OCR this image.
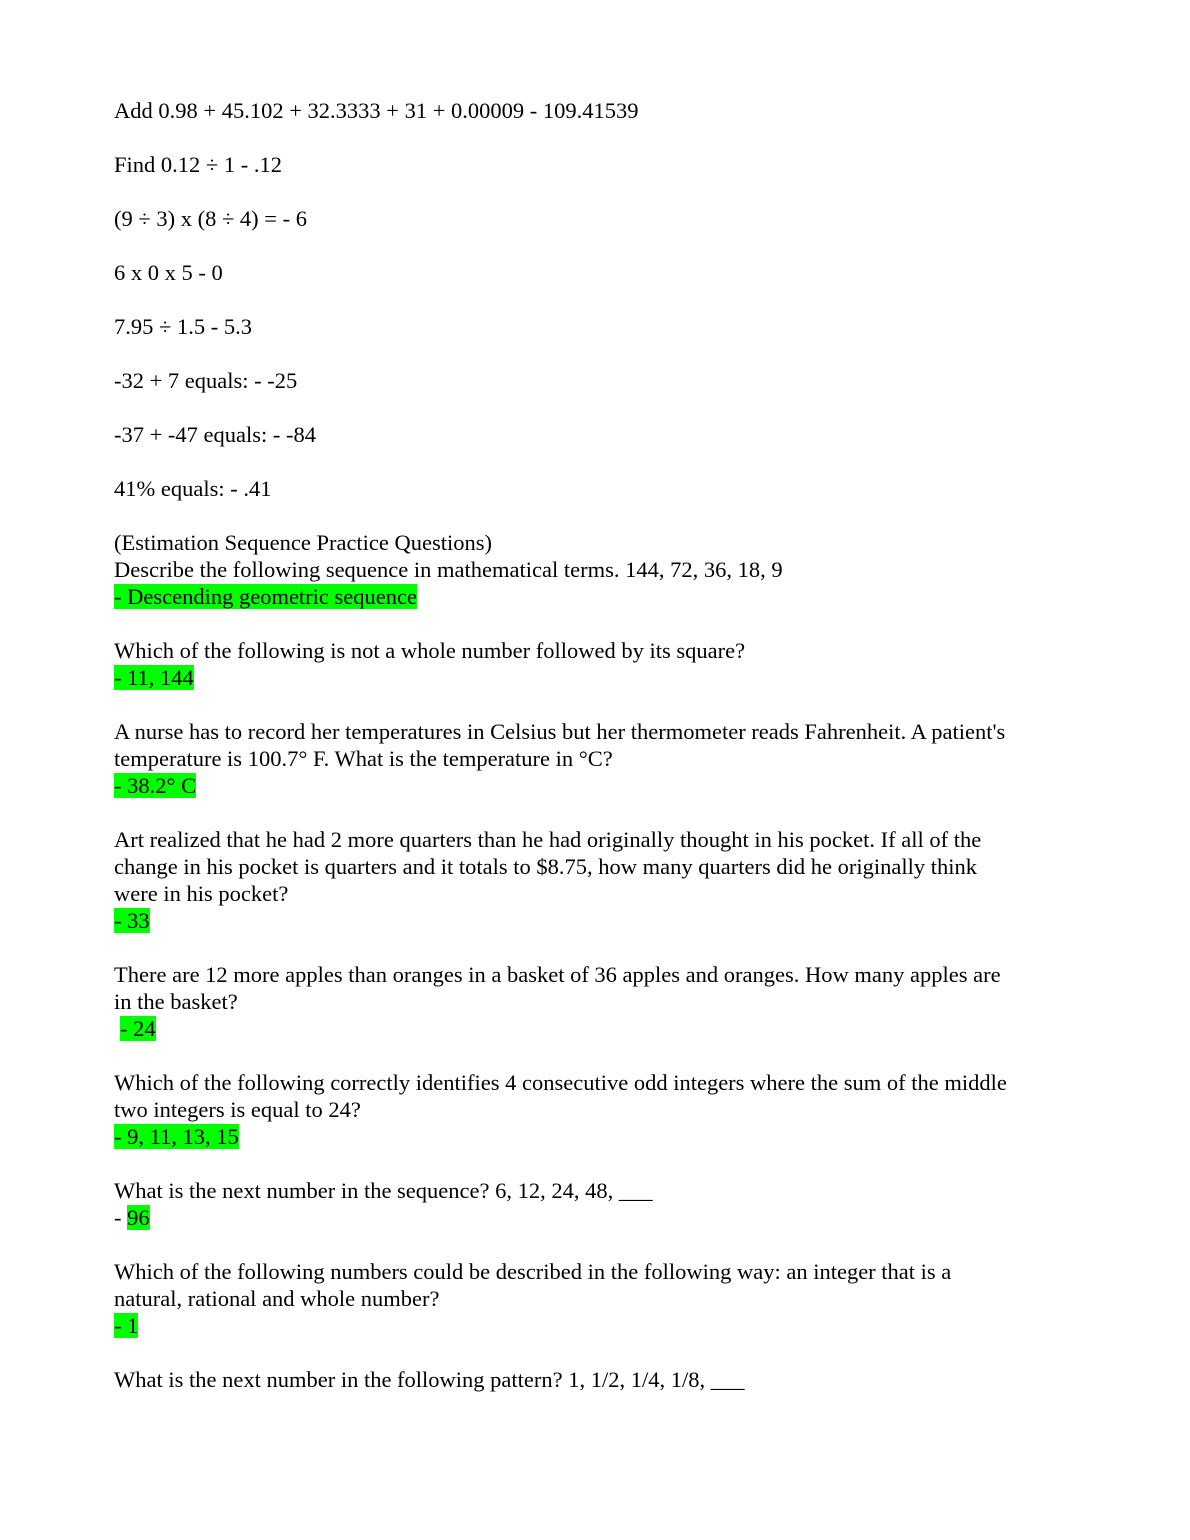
Add 0.98 + 45.102 + 32.3333 + 31 + 0.00009 - 109.41539

Find 0.12 ÷ 1 - .12

(9 ÷ 3) x (8 ÷ 4) = - 6

6 x 0 x 5 - 0

7.95 ÷ 1.5 - 5.3

-32 + 7 equals: - -25

-37 + -47 equals: - -84

41% equals: - .41

(Estimation Sequence Practice Questions)

Describe the following sequence in mathematical terms. 144, 72, 36, 18, 9

- Descending geometric sequence

Which of the following is not a whole number followed by its square?

- 11, 144

A nurse has to record her temperatures in Celsius but her thermometer reads Fahrenheit. A patient's

temperature is 100.7° F. What is the temperature in °C?

- 38.2° C

Art realized that he had 2 more quarters than he had originally thought in his pocket. If all of the

change in his pocket is quarters and it totals to $8.75, how many quarters did he originally think

were in his pocket?

- 33

There are 12 more apples than oranges in a basket of 36 apples and oranges. How many apples are

in the basket?

- 24

Which of the following correctly identifies 4 consecutive odd integers where the sum of the middle

two integers is equal to 24?

- 9, 11, 13, 15

What is the next number in the sequence? 6, 12, 24, 48, ___

- 96

Which of the following numbers could be described in the following way: an integer that is a

natural, rational and whole number?

- 1

What is the next number in the following pattern? 1, 1/2, 1/4, 1/8, ___
